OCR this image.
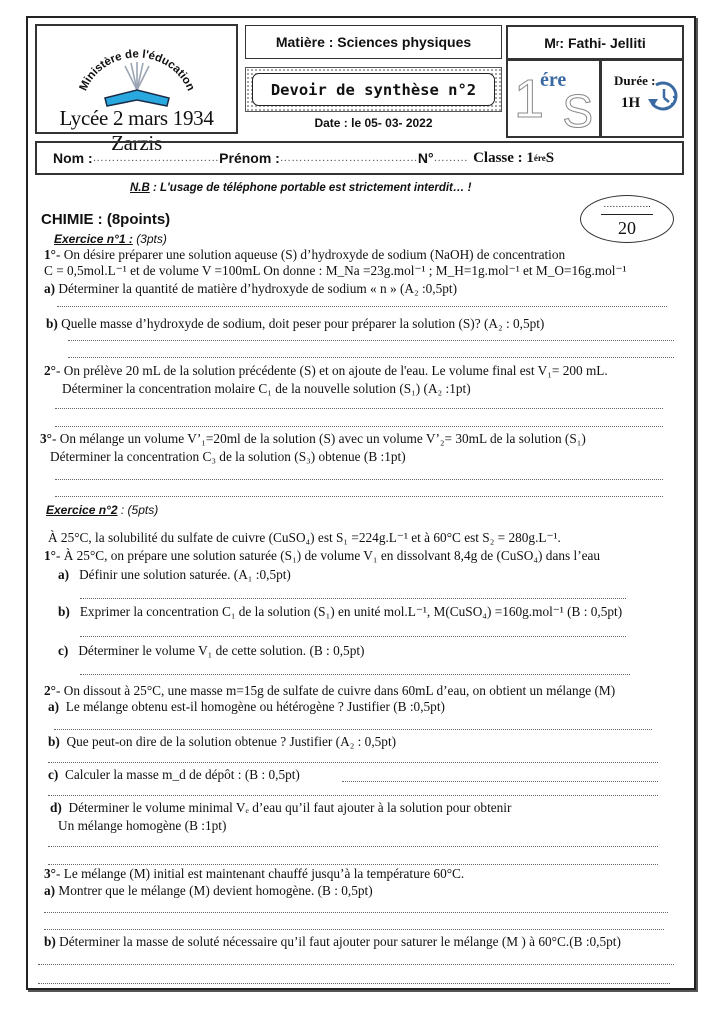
Ministère de l'éducation
Lycée 2 mars 1934 Zarzis
Matière : Sciences physiques	M r : Fathi- Jelliti
Devoir de synthèse n°2
Date : le 05- 03- 2022	1
ére
S
Durée :
1H
Nom : …………………………… Prénom : ……………………………… N° ……… Classe : 1 ére S
N.B : L'usage de téléphone portable est strictement interdit… !
…………….
20
CHIMIE : (8points)
Exercice n°1 : (3pts)
1°- On désire préparer une solution aqueuse (S) d’hydroxyde de sodium (NaOH) de concentration
C = 0,5mol.L⁻¹ et de volume V =100mL On donne : M_Na =23g.mol⁻¹ ; M_H=1g.mol⁻¹ et M_O=16g.mol⁻¹
a) Déterminer la quantité de matière d’hydroxyde de sodium « n » (A₂ :0,5pt)
b) Quelle masse d’hydroxyde de sodium, doit peser pour préparer la solution (S)? (A₂ : 0,5pt)
2°- On prélève 20 mL de la solution précédente (S) et on ajoute de l'eau. Le volume final est V₁= 200 mL.
Déterminer la concentration molaire C₁ de la nouvelle solution (S₁) (A₂ :1pt)
3°- On mélange un volume V’₁=20ml de la solution (S) avec un volume V’₂= 30mL de la solution (S₁)
Déterminer la concentration C₃ de la solution (S₃) obtenue (B :1pt)
Exercice n°2 : (5pts)
À 25°C, la solubilité du sulfate de cuivre (CuSO₄) est S₁ =224g.L⁻¹ et à 60°C est S₂ = 280g.L⁻¹.
1°- À 25°C, on prépare une solution saturée (S₁) de volume V₁ en dissolvant 8,4g de (CuSO₄) dans l’eau
a) Définir une solution saturée. (A₁ :0,5pt)
b) Exprimer la concentration C₁ de la solution (S₁) en unité mol.L⁻¹, M(CuSO₄) =160g.mol⁻¹ (B : 0,5pt)
c) Déterminer le volume V₁ de cette solution. (B : 0,5pt)
2°- On dissout à 25°C, une masse m=15g de sulfate de cuivre dans 60mL d’eau, on obtient un mélange (M)
a) Le mélange obtenu est-il homogène ou hétérogène ? Justifier (B :0,5pt)
b) Que peut-on dire de la solution obtenue ? Justifier (A₂ : 0,5pt)
c) Calculer la masse m_d de dépôt : (B : 0,5pt)
d) Déterminer le volume minimal Vₑ d’eau qu’il faut ajouter à la solution pour obtenir
Un mélange homogène (B :1pt)
3°- Le mélange (M) initial est maintenant chauffé jusqu’à la température 60°C.
a) Montrer que le mélange (M) devient homogène. (B : 0,5pt)
b) Déterminer la masse de soluté nécessaire qu’il faut ajouter pour saturer le mélange (M ) à 60°C.(B :0,5pt)
